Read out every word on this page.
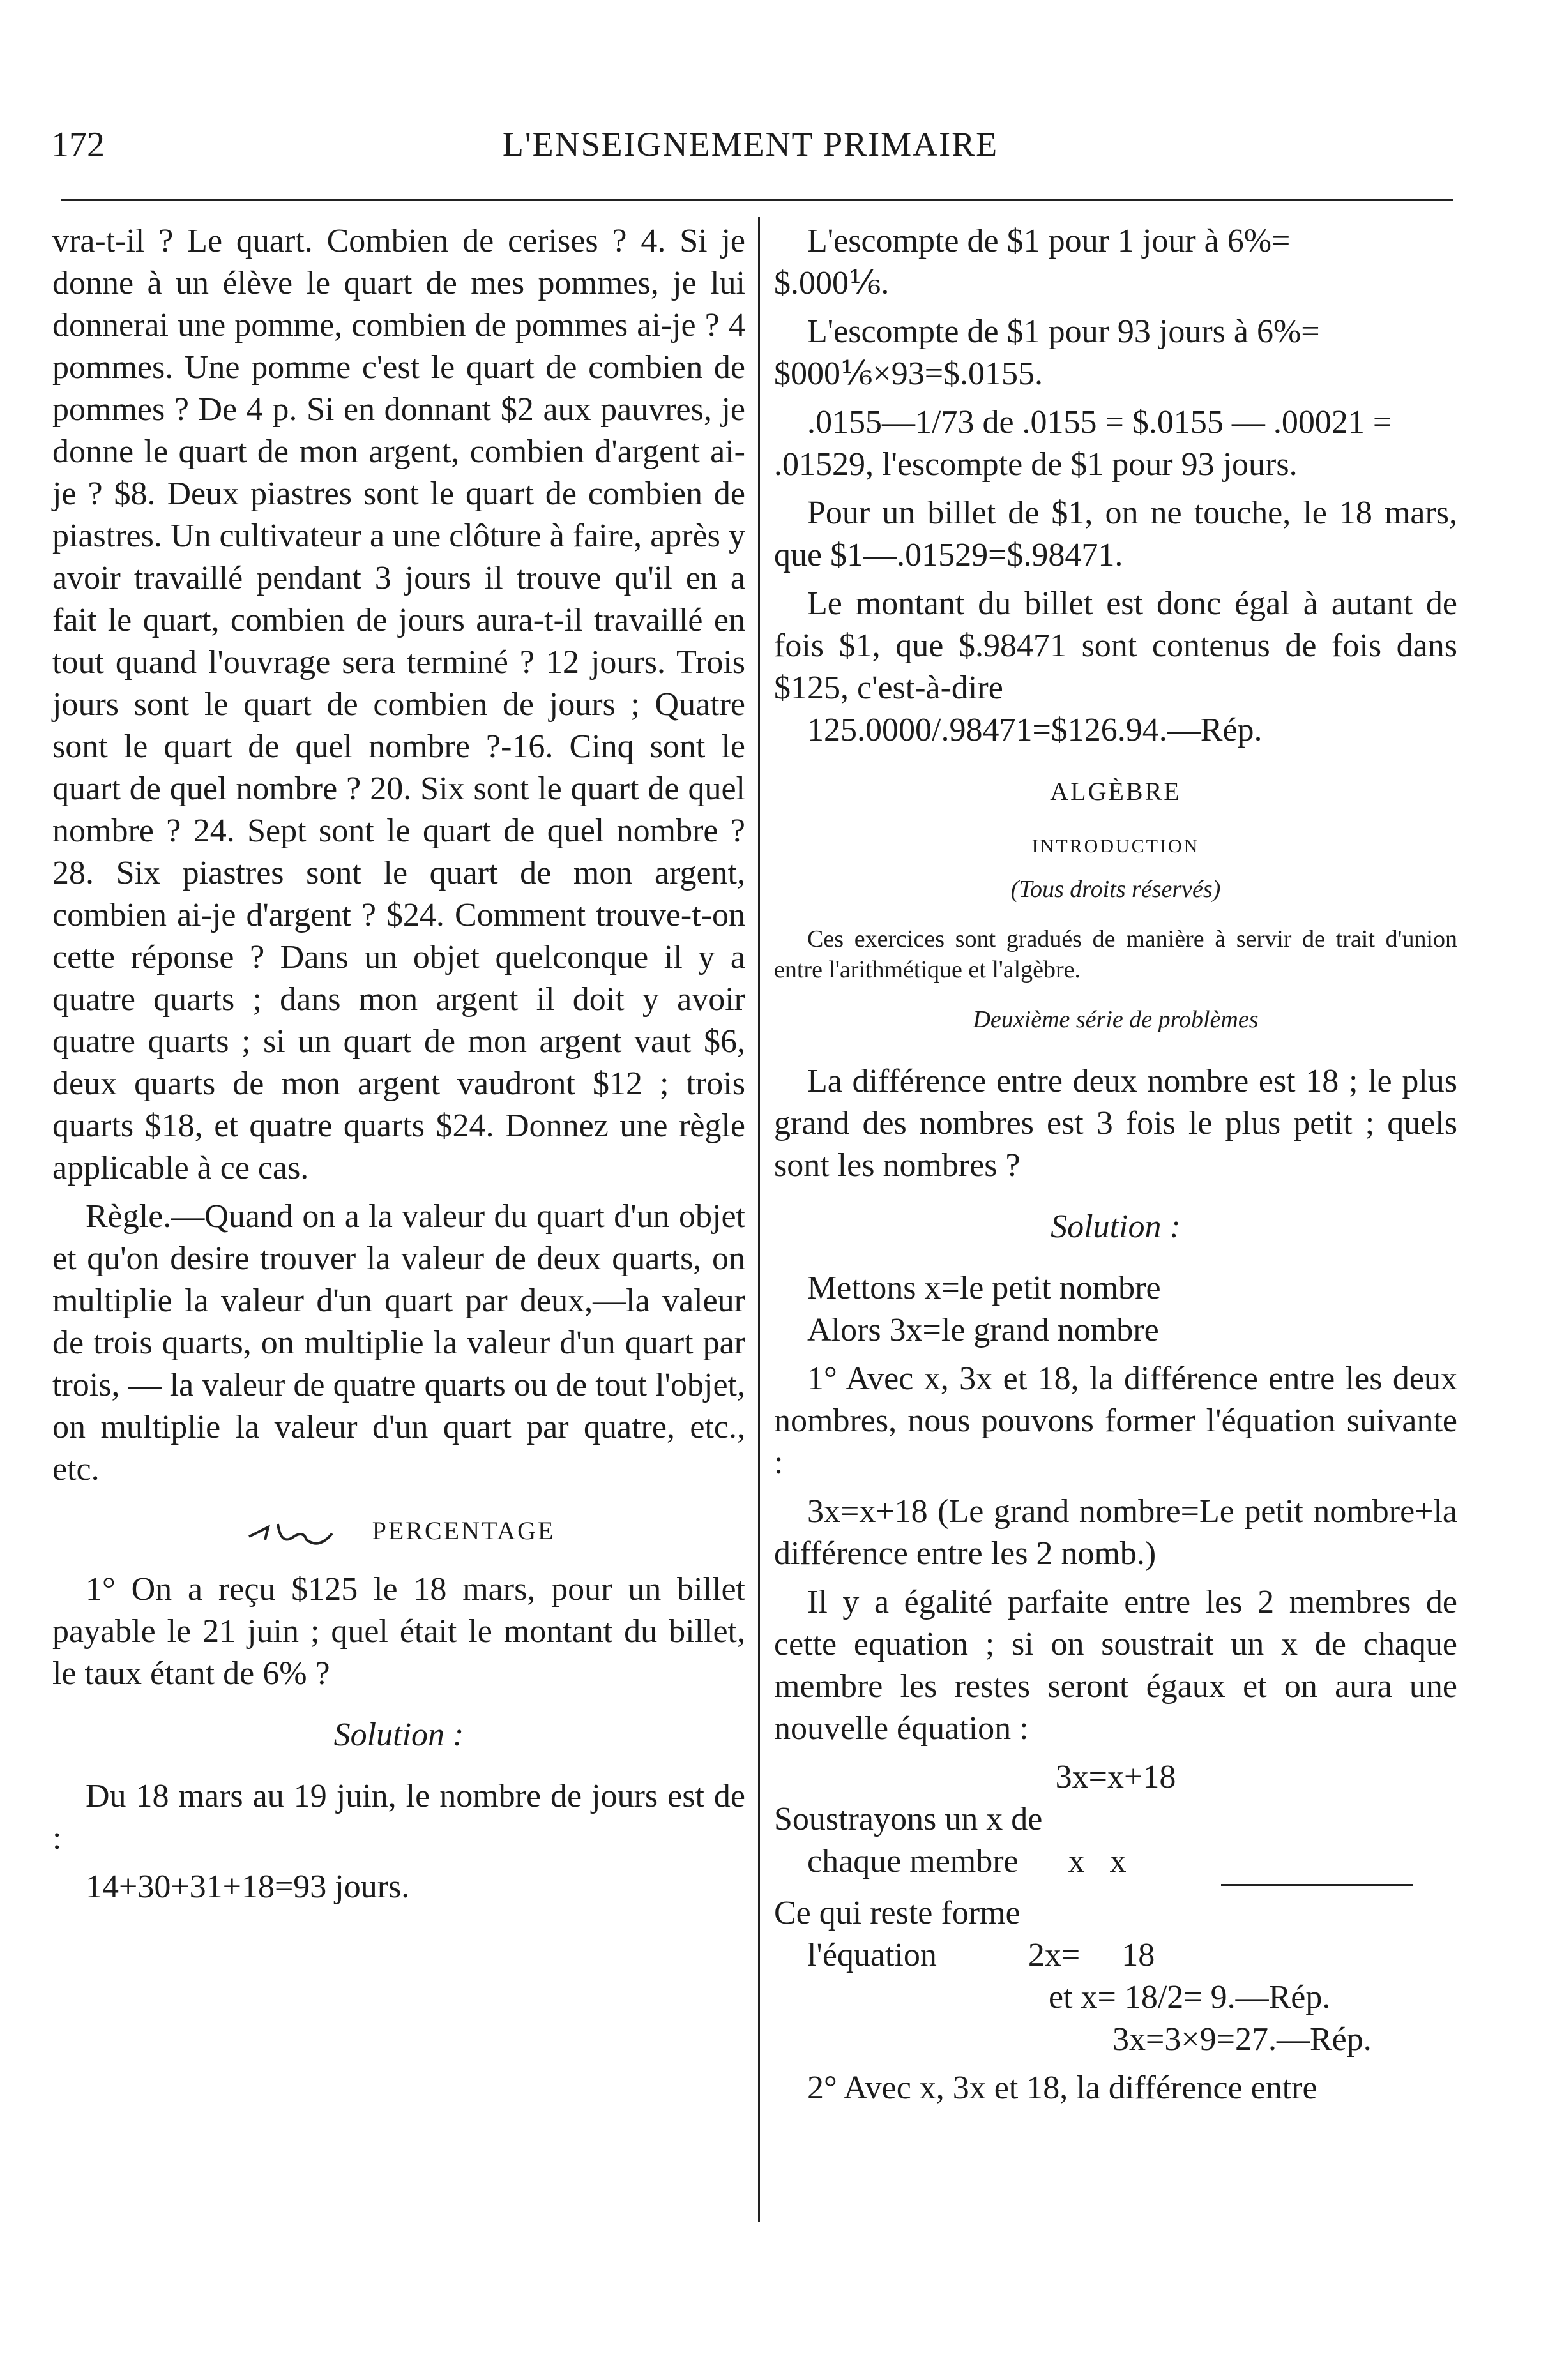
172	L'ENSEIGNEMENT PRIMAIRE

vra-t-il ? Le quart. Combien de cerises ? 4. Si je donne à un élève le quart de mes pommes, je lui donnerai une pomme, combien de pommes ai-je ? 4 pommes. Une pomme c'est le quart de combien de pommes ? De 4 p. Si en donnant $2 aux pauvres, je donne le quart de mon argent, combien d'argent ai-je ? $8. Deux piastres sont le quart de combien de piastres. Un cultivateur a une clôture à faire, après y avoir travaillé pendant 3 jours il trouve qu'il en a fait le quart, combien de jours aura-t-il travaillé en tout quand l'ouvrage sera terminé ? 12 jours. Trois jours sont le quart de combien de jours ; Quatre sont le quart de quel nombre ?-16. Cinq sont le quart de quel nombre ? 20. Six sont le quart de quel nombre ? 24. Sept sont le quart de quel nombre ? 28. Six piastres sont le quart de mon argent, combien ai-je d'argent ? $24. Comment trouve-t-on cette réponse ? Dans un objet quelconque il y a quatre quarts ; dans mon argent il doit y avoir quatre quarts ; si un quart de mon argent vaut $6, deux quarts de mon argent vaudront $12 ; trois quarts $18, et quatre quarts $24. Donnez une règle applicable à ce cas.

Règle.—Quand on a la valeur du quart d'un objet et qu'on desire trouver la valeur de deux quarts, on multiplie la valeur d'un quart par deux,—la valeur de trois quarts, on multiplie la valeur d'un quart par trois, — la valeur de quatre quarts ou de tout l'objet, on multiplie la valeur d'un quart par quatre, etc., etc.

PERCENTAGE

1° On a reçu $125 le 18 mars, pour un billet payable le 21 juin ; quel était le montant du billet, le taux étant de 6% ?

Solution :

Du 18 mars au 19 juin, le nombre de jours est de :

14+30+31+18=93 jours.

L'escompte de $1 pour 1 jour à 6%=

$.000⅙.

L'escompte de $1 pour 93 jours à 6%=

$000⅙×93=$.0155.

.0155—1/73 de .0155 = $.0155 — .00021 =

.01529, l'escompte de $1 pour 93 jours.

Pour un billet de $1, on ne touche, le 18 mars, que $1—.01529=$.98471.

Le montant du billet est donc égal à autant de fois $1, que $.98471 sont contenus de fois dans $125, c'est-à-dire

125.0000/.98471=$126.94.—Rép.

ALGÈBRE
INTRODUCTION

(Tous droits réservés)

Ces exercices sont gradués de manière à servir de trait d'union entre l'arithmétique et l'algèbre.

Deuxième série de problèmes

La différence entre deux nombre est 18 ; le plus grand des nombres est 3 fois le plus petit ; quels sont les nombres ?

Solution :

Mettons x=le petit nombre

Alors 3x=le grand nombre

1° Avec x, 3x et 18, la différence entre les deux nombres, nous pouvons former l'équation suivante :

3x=x+18 (Le grand nombre=Le petit nombre+la différence entre les 2 nomb.)

Il y a égalité parfaite entre les 2 membres de cette equation ; si on soustrait un x de chaque membre les restes seront égaux et on aura une nouvelle équation :

3x=x+18

Soustrayons un x de

chaque membre      x   x

Ce qui reste forme

l'équation           2x=     18

et x= 18/2= 9.—Rép.

3x=3×9=27.—Rép.

2° Avec x, 3x et 18, la différence entre
